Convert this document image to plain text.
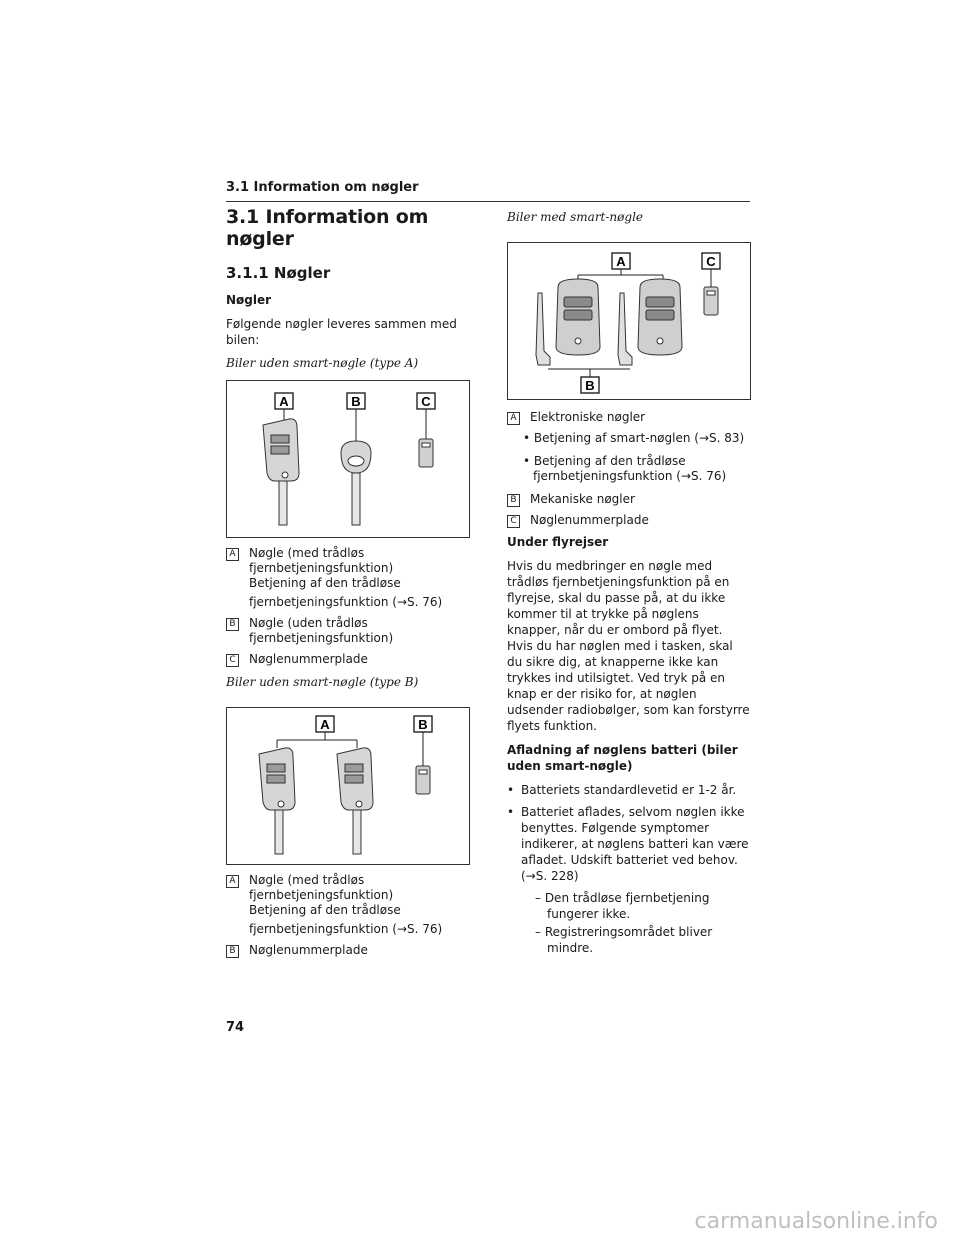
3.1 Information om nøgler
3.1 Information om nøgler
3.1.1 Nøgler
Nøgler

Følgende nøgler leveres sammen med bilen:

Biler uden smart-nøgle (type A)
A	B	C
A Nøgle (med trådløs fjernbetjeningsfunktion)
Betjening af den trådløse
fjernbetjeningsfunktion (→S. 76)
B Nøgle (uden trådløs fjernbetjeningsfunktion)
C Nøglenummerplade
Biler uden smart-nøgle (type B)
A	B
A Nøgle (med trådløs fjernbetjeningsfunktion)
Betjening af den trådløse
fjernbetjeningsfunktion (→S. 76)
B Nøglenummerplade
Biler med smart-nøgle
A	C
B
A Elektroniske nøgler
• Betjening af smart-nøglen (→S. 83)
• Betjening af den trådløse fjernbetjeningsfunktion (→S. 76)
B Mekaniske nøgler
C Nøglenummerplade
Under flyrejser

Hvis du medbringer en nøgle med trådløs fjernbetjeningsfunktion på en flyrejse, skal du passe på, at du ikke kommer til at trykke på nøglens knapper, når du er ombord på flyet. Hvis du har nøglen med i tasken, skal du sikre dig, at knapperne ikke kan trykkes ind utilsigtet. Ved tryk på en knap er der risiko for, at nøglen udsender radiobølger, som kan forstyrre flyets funktion.

Afladning af nøglens batteri (biler uden smart-nøgle)
• Batteriets standardlevetid er 1-2 år.
• Batteriet aflades, selvom nøglen ikke benyttes. Følgende symptomer indikerer, at nøglens batteri kan være afladet. Udskift batteriet ved behov. (→S. 228)
– Den trådløse fjernbetjening fungerer ikke.
– Registreringsområdet bliver mindre.
74
carmanualsonline.info
